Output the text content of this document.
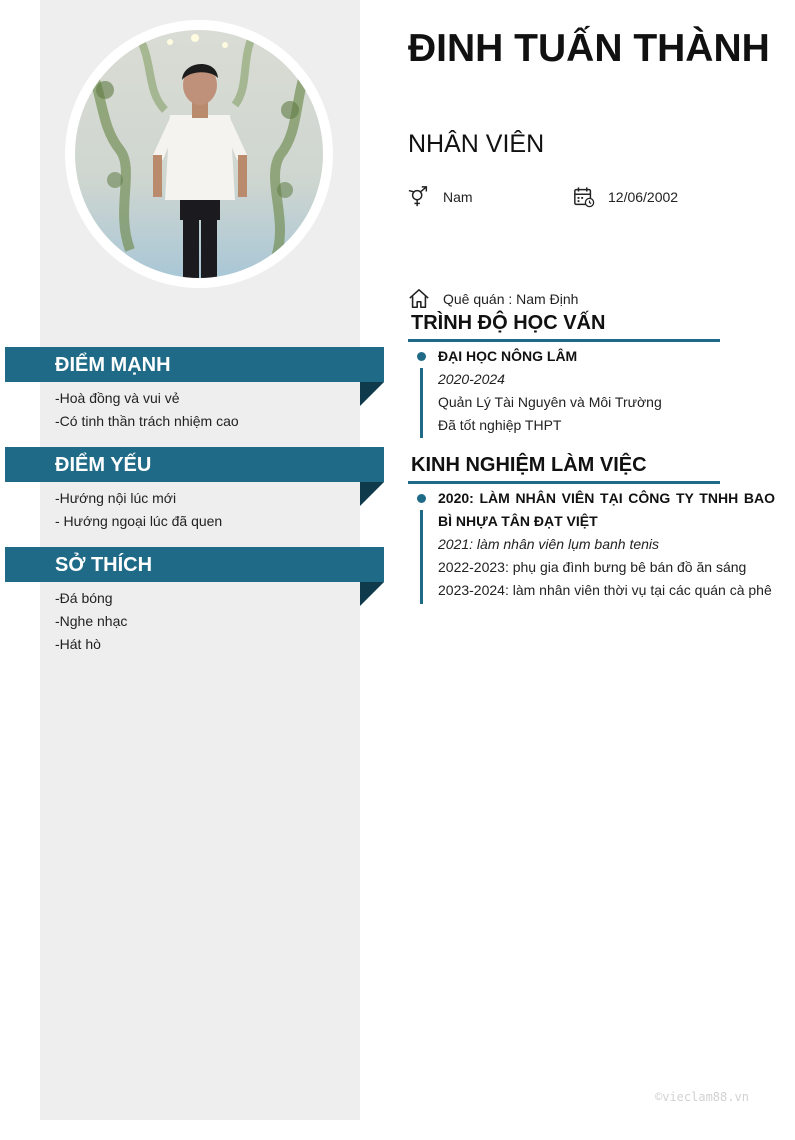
ĐIỂM MẠNH
-Hoà đồng và vui vẻ
-Có tinh thần trách nhiệm cao
ĐIỂM YẾU
-Hướng nội lúc mới
- Hướng ngoại lúc đã quen
SỞ THÍCH
-Đá bóng
-Nghe nhạc
-Hát hò
ĐINH TUẤN THÀNH
NHÂN VIÊN
Nam	12/06/2002
Quê quán : Nam Định
TRÌNH ĐỘ HỌC VẤN
ĐẠI HỌC NÔNG LÂM
2020-2024
Quản Lý Tài Nguyên và Môi Trường
Đã tốt nghiệp THPT
KINH NGHIỆM LÀM VIỆC
2020: LÀM NHÂN VIÊN TẠI CÔNG TY TNHH BAO BÌ NHỰA TÂN ĐẠT VIỆT
2021: làm nhân viên lụm banh tenis
2022-2023: phụ gia đình bưng bê bán đồ ăn sáng
2023-2024: làm nhân viên thời vụ tại các quán cà phê
©vieclam88.vn
